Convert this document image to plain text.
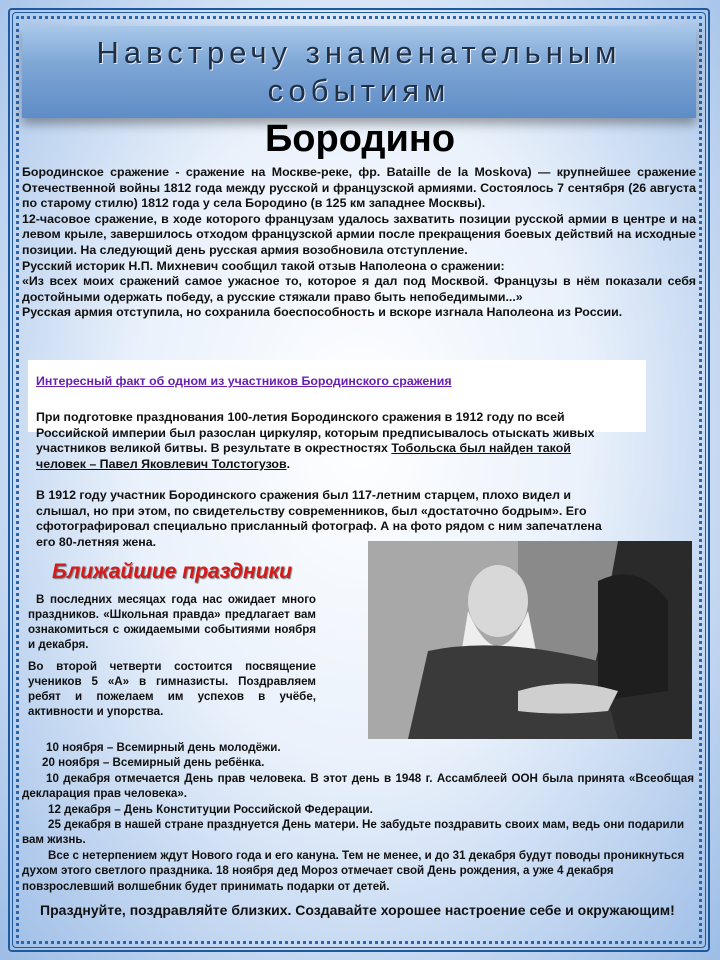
Навстречу знаменательным событиям
Бородино

Бородинское сражение - сражение на Москве-реке, фр. Bataille de la Moskova) — крупнейшее сражение Отечественной войны 1812 года между русской и французской армиями. Состоялось 7 сентября (26 августа по старому стилю) 1812 года у села Бородино (в 125 км западнее Москвы).

12-часовое сражение, в ходе которого французам удалось захватить позиции русской армии в центре и на левом крыле, завершилось отходом французской армии после прекращения боевых действий на исходные позиции. На следующий день русская армия возобновила отступление.

Русский историк Н.П. Михневич сообщил такой отзыв Наполеона о сражении:

«Из всех моих сражений самое ужасное то, которое я дал под Москвой. Французы в нём показали себя достойными одержать победу, а русские стяжали право быть непобедимыми...»

Русская армия отступила, но сохранила боеспособность и вскоре изгнала Наполеона из России.

Интересный факт об одном из участников Бородинского сражения

При подготовке празднования 100-летия Бородинского сражения в 1912 году по всей Российской империи был разослан циркуляр, которым предписывалось отыскать живых участников великой битвы. В результате в окрестностях Тобольска был найден такой человек – Павел Яковлевич Толстогузов.

В 1912 году участник Бородинского сражения был 117-летним старцем, плохо видел и слышал, но при этом, по свидетельству современников, был «достаточно бодрым». Его сфотографировал специально присланный фотограф. А на фото рядом с ним запечатлена его 80-летняя жена.

Ближайшие праздники

В последних месяцах года нас ожидает много праздников. «Школьная правда» предлагает вам ознакомиться с ожидаемыми событиями ноября и декабря.

Во второй четверти состоится посвящение учеников 5 «А» в гимназисты. Поздравляем ребят и пожелаем им успехов в учёбе, активности и упорства.

10 ноября – Всемирный день молодёжи.

20 ноября – Всемирный день ребёнка.

10 декабря отмечается День прав человека. В этот день в 1948 г. Ассамблеей ООН была принята «Всеобщая декларация прав человека».

12 декабря – День Конституции Российской Федерации.

25 декабря в нашей стране празднуется День матери. Не забудьте поздравить своих мам, ведь они подарили вам жизнь.

Все с нетерпением ждут Нового года и его кануна. Тем не менее, и до 31 декабря будут поводы проникнуться духом этого светлого праздника. 18 ноября дед Мороз отмечает свой День рождения, а уже 4 декабря повзрослевший волшебник будет принимать подарки от детей.

Празднуйте, поздравляйте близких. Создавайте хорошее настроение себе и окружающим!
